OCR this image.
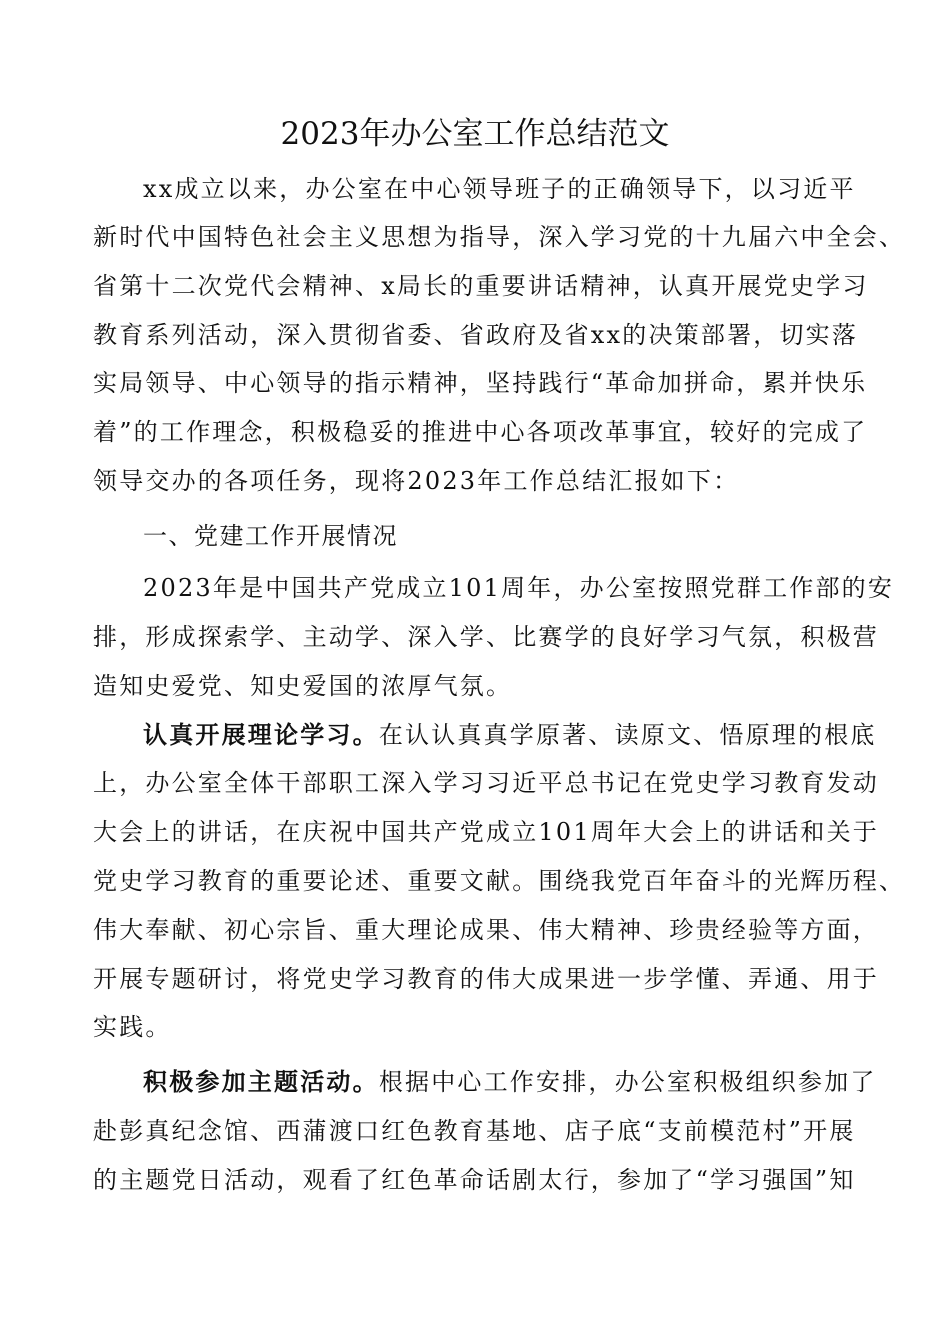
2023年办公室工作总结范文
xx成立以来，办公室在中心领导班子的正确领导下，以习近平
新时代中国特色社会主义思想为指导，深入学习党的十九届六中全会、
省第十二次党代会精神、x局长的重要讲话精神，认真开展党史学习
教育系列活动，深入贯彻省委、省政府及省xx的决策部署，切实落
实局领导、中心领导的指示精神，坚持践行“革命加拼命，累并快乐
着”的工作理念，积极稳妥的推进中心各项改革事宜，较好的完成了
领导交办的各项任务，现将2023年工作总结汇报如下：
一、党建工作开展情况
2023年是中国共产党成立101周年，办公室按照党群工作部的安
排，形成探索学、主动学、深入学、比赛学的良好学习气氛，积极营
造知史爱党、知史爱国的浓厚气氛。
认真开展理论学习。在认认真真学原著、读原文、悟原理的根底
上，办公室全体干部职工深入学习习近平总书记在党史学习教育发动
大会上的讲话，在庆祝中国共产党成立101周年大会上的讲话和关于
党史学习教育的重要论述、重要文献。围绕我党百年奋斗的光辉历程、
伟大奉献、初心宗旨、重大理论成果、伟大精神、珍贵经验等方面，
开展专题研讨，将党史学习教育的伟大成果进一步学懂、弄通、用于
实践。
积极参加主题活动。根据中心工作安排，办公室积极组织参加了
赴彭真纪念馆、西蒲渡口红色教育基地、店子底“支前模范村”开展
的主题党日活动，观看了红色革命话剧太行，参加了“学习强国”知
